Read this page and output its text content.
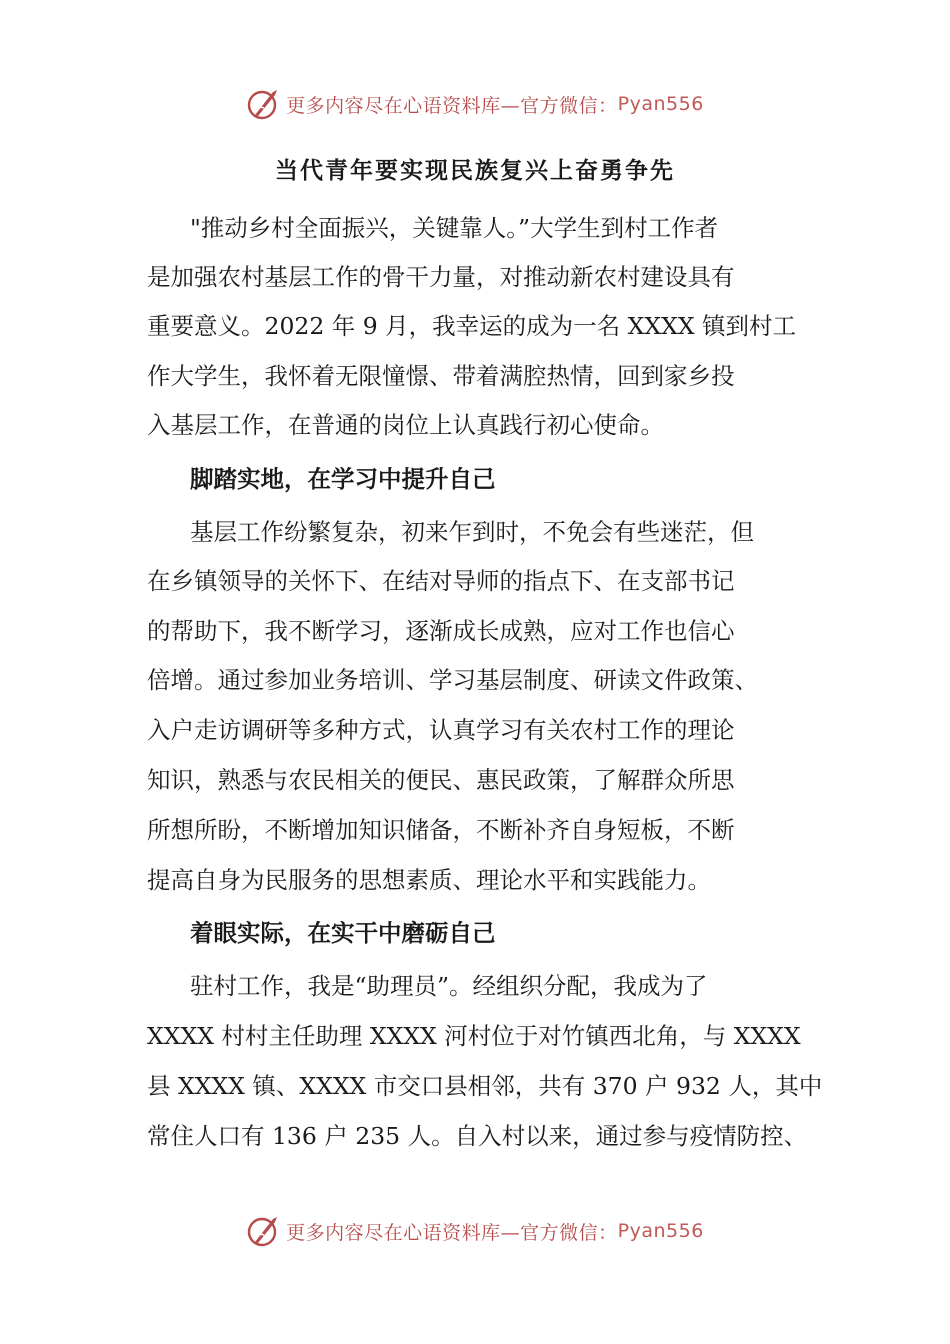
更多内容尽在心语资料库—官方微信： Pyan556
当代青年要实现民族复兴上奋勇争先

"推动乡村全面振兴，关键靠人。”大学生到村工作者

是加强农村基层工作的骨干力量，对推动新农村建设具有

重要意义。2022 年 9 月，我幸运的成为一名 XXXX 镇到村工

作大学生，我怀着无限憧憬、带着满腔热情，回到家乡投

入基层工作，在普通的岗位上认真践行初心使命。

脚踏实地，在学习中提升自己

基层工作纷繁复杂，初来乍到时，不免会有些迷茫，但

在乡镇领导的关怀下、在结对导师的指点下、在支部书记

的帮助下，我不断学习，逐渐成长成熟，应对工作也信心

倍增。通过参加业务培训、学习基层制度、研读文件政策、

入户走访调研等多种方式，认真学习有关农村工作的理论

知识，熟悉与农民相关的便民、惠民政策，了解群众所思

所想所盼，不断增加知识储备，不断补齐自身短板，不断

提高自身为民服务的思想素质、理论水平和实践能力。

着眼实际，在实干中磨砺自己

驻村工作，我是“助理员”。经组织分配，我成为了

XXXX 村村主任助理 XXXX 河村位于对竹镇西北角，与 XXXX

县 XXXX 镇、XXXX 市交口县相邻，共有 370 户 932 人，其中

常住人口有 136 户 235 人。自入村以来，通过参与疫情防控、

更多内容尽在心语资料库—官方微信： Pyan556
